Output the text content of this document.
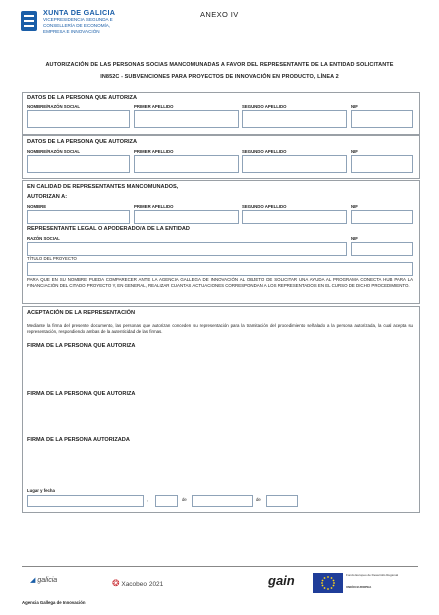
XUNTA DE GALICIA
VICEPRESIDENCIA SEGUNDA E
CONSELLERÍA DE ECONOMÍA,
EMPRESA E INNOVACIÓN
ANEXO IV
AUTORIZACIÓN DE LAS PERSONAS SOCIAS MANCOMUNADAS A FAVOR DEL REPRESENTANTE DE LA ENTIDAD SOLICITANTE
IN852C - SUBVENCIONES PARA PROYECTOS DE INNOVACIÓN EN PRODUCTO, LÍNEA 2
DATOS DE LA PERSONA QUE AUTORIZA
NOMBRE/RAZÓN SOCIAL	PRIMER APELLIDO	SEGUNDO APELLIDO	NIF
DATOS DE LA PERSONA QUE AUTORIZA
NOMBRE/RAZÓN SOCIAL	PRIMER APELLIDO	SEGUNDO APELLIDO	NIF
EN CALIDAD DE REPRESENTANTES MANCOMUNADOS,
AUTORIZAN A:
NOMBRE	PRIMER APELLIDO	SEGUNDO APELLIDO	NIF
REPRESENTANTE LEGAL O APODERADO/A DE LA ENTIDAD
RAZÓN SOCIAL	NIF
TÍTULO DEL PROYECTO
PARA QUE EN SU NOMBRE PUEDA COMPARECER ANTE LA AGENCIA GALLEGA DE INNOVACIÓN AL OBJETO DE SOLICITAR UNA AYUDA AL PROGRAMA CONECTA HUB PARA LA FINANCIACIÓN DEL CITADO PROYECTO Y, EN GENERAL, REALIZAR CUANTAS ACTUACIONES CORRESPONDAN A LOS REPRESENTADOS EN EL CURSO DE DICHO PROCEDIMIENTO.
ACEPTACIÓN DE LA REPRESENTACIÓN
Mediante la firma del presente documento, las personas que autorizan conceden su representación para la tramitación del procedimiento señalado a la persona autorizada, la cual acepta su representación, respondiendo ambas de la autenticidad de las firmas.
FIRMA DE LA PERSONA QUE AUTORIZA
FIRMA DE LA PERSONA QUE AUTORIZA
FIRMA DE LA PERSONA AUTORIZADA
Lugar y fecha
,	de	de
◢ galicia	❂ Xacobeo 2021	gain	Fondo Europeo de Desarrollo Regional
UNIÓN EUROPEA
Agencia Gallega de Innovación
